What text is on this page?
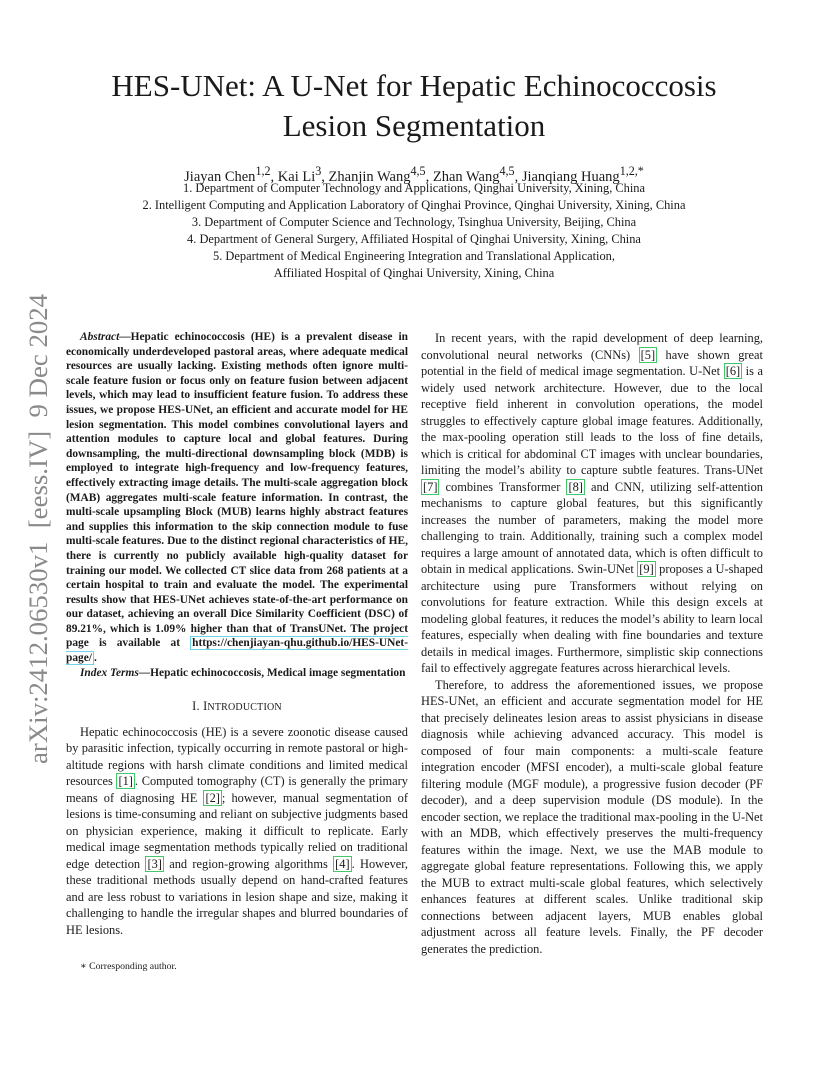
HES-UNet: A U-Net for Hepatic Echinococcosis
Lesion Segmentation
Jiayan Chen$^{1,2}$, Kai Li$^3$, Zhanjin Wang$^{4,5}$, Zhan Wang$^{4,5}$, Jianqiang Huang$^{1,2,*}$
1. Department of Computer Technology and Applications, Qinghai University, Xining, China
2. Intelligent Computing and Application Laboratory of Qinghai Province, Qinghai University, Xining, China
3. Department of Computer Science and Technology, Tsinghua University, Beijing, China
4. Department of General Surgery, Affiliated Hospital of Qinghai University, Xining, China
5. Department of Medical Engineering Integration and Translational Application,
Affiliated Hospital of Qinghai University, Xining, China
arXiv:2412.06530v1  [eess.IV]  9 Dec 2024	Abstract—Hepatic echinococcosis (HE) is a prevalent disease in economically underdeveloped pastoral areas, where adequate medical resources are usually lacking. Existing methods often ignore multi-scale feature fusion or focus only on feature fusion between adjacent levels, which may lead to insufficient feature fusion. To address these issues, we propose HES-UNet, an efficient and accurate model for HE lesion segmentation. This model combines convolutional layers and attention modules to capture local and global features. During downsampling, the multi-directional downsampling block (MDB) is employed to integrate high-frequency and low-frequency features, effectively extracting image details. The multi-scale aggregation block (MAB) aggregates multi-scale feature information. In contrast, the multi-scale upsampling Block (MUB) learns highly abstract features and supplies this information to the skip connection module to fuse multi-scale features. Due to the distinct regional characteristics of HE, there is currently no publicly available high-quality dataset for training our model. We collected CT slice data from 268 patients at a certain hospital to train and evaluate the model. The experimental results show that HES-UNet achieves state-of-the-art performance on our dataset, achieving an overall Dice Similarity Coefficient (DSC) of 89.21%, which is 1.09% higher than that of TransUNet. The project page is available at https://chenjiayan-qhu.github.io/HES-UNet-page/ .

Index Terms—Hepatic echinococcosis, Medical image segmentation

I. INTRODUCTION

Hepatic echinococcosis (HE) is a severe zoonotic disease caused by parasitic infection, typically occurring in remote pastoral or high-altitude regions with harsh climate conditions and limited medical resources [1] . Computed tomography (CT) is generally the primary means of diagnosing HE [2] ; however, manual segmentation of lesions is time-consuming and reliant on subjective judgments based on physician experience, making it difficult to replicate. Early medical image segmentation methods typically relied on traditional edge detection [3] and region-growing algorithms [4] . However, these traditional methods usually depend on hand-crafted features and are less robust to variations in lesion shape and size, making it challenging to handle the irregular shapes and blurred boundaries of HE lesions.

∗ Corresponding author.

In recent years, with the rapid development of deep learning, convolutional neural networks (CNNs) [5] have shown great potential in the field of medical image segmentation. U-Net [6] is a widely used network architecture. However, due to the local receptive field inherent in convolution operations, the model struggles to effectively capture global image features. Additionally, the max-pooling operation still leads to the loss of fine details, which is critical for abdominal CT images with unclear boundaries, limiting the model’s ability to capture subtle features. Trans-UNet [7] combines Transformer [8] and CNN, utilizing self-attention mechanisms to capture global features, but this significantly increases the number of parameters, making the model more challenging to train. Additionally, training such a complex model requires a large amount of annotated data, which is often difficult to obtain in medical applications. Swin-UNet [9] proposes a U-shaped architecture using pure Transformers without relying on convolutions for feature extraction. While this design excels at modeling global features, it reduces the model’s ability to learn local features, especially when dealing with fine boundaries and texture details in medical images. Furthermore, simplistic skip connections fail to effectively aggregate features across hierarchical levels.

Therefore, to address the aforementioned issues, we propose HES-UNet, an efficient and accurate segmentation model for HE that precisely delineates lesion areas to assist physicians in disease diagnosis while achieving advanced accuracy. This model is composed of four main components: a multi-scale feature integration encoder (MFSI encoder), a multi-scale global feature filtering module (MGF module), a progressive fusion decoder (PF decoder), and a deep supervision module (DS module). In the encoder section, we replace the traditional max-pooling in the U-Net with an MDB, which effectively preserves the multi-frequency features within the image. Next, we use the MAB module to aggregate global feature representations. Following this, we apply the MUB to extract multi-scale global features, which selectively enhances features at different scales. Unlike traditional skip connections between adjacent layers, MUB enables global adjustment across all feature levels. Finally, the PF decoder generates the prediction.
